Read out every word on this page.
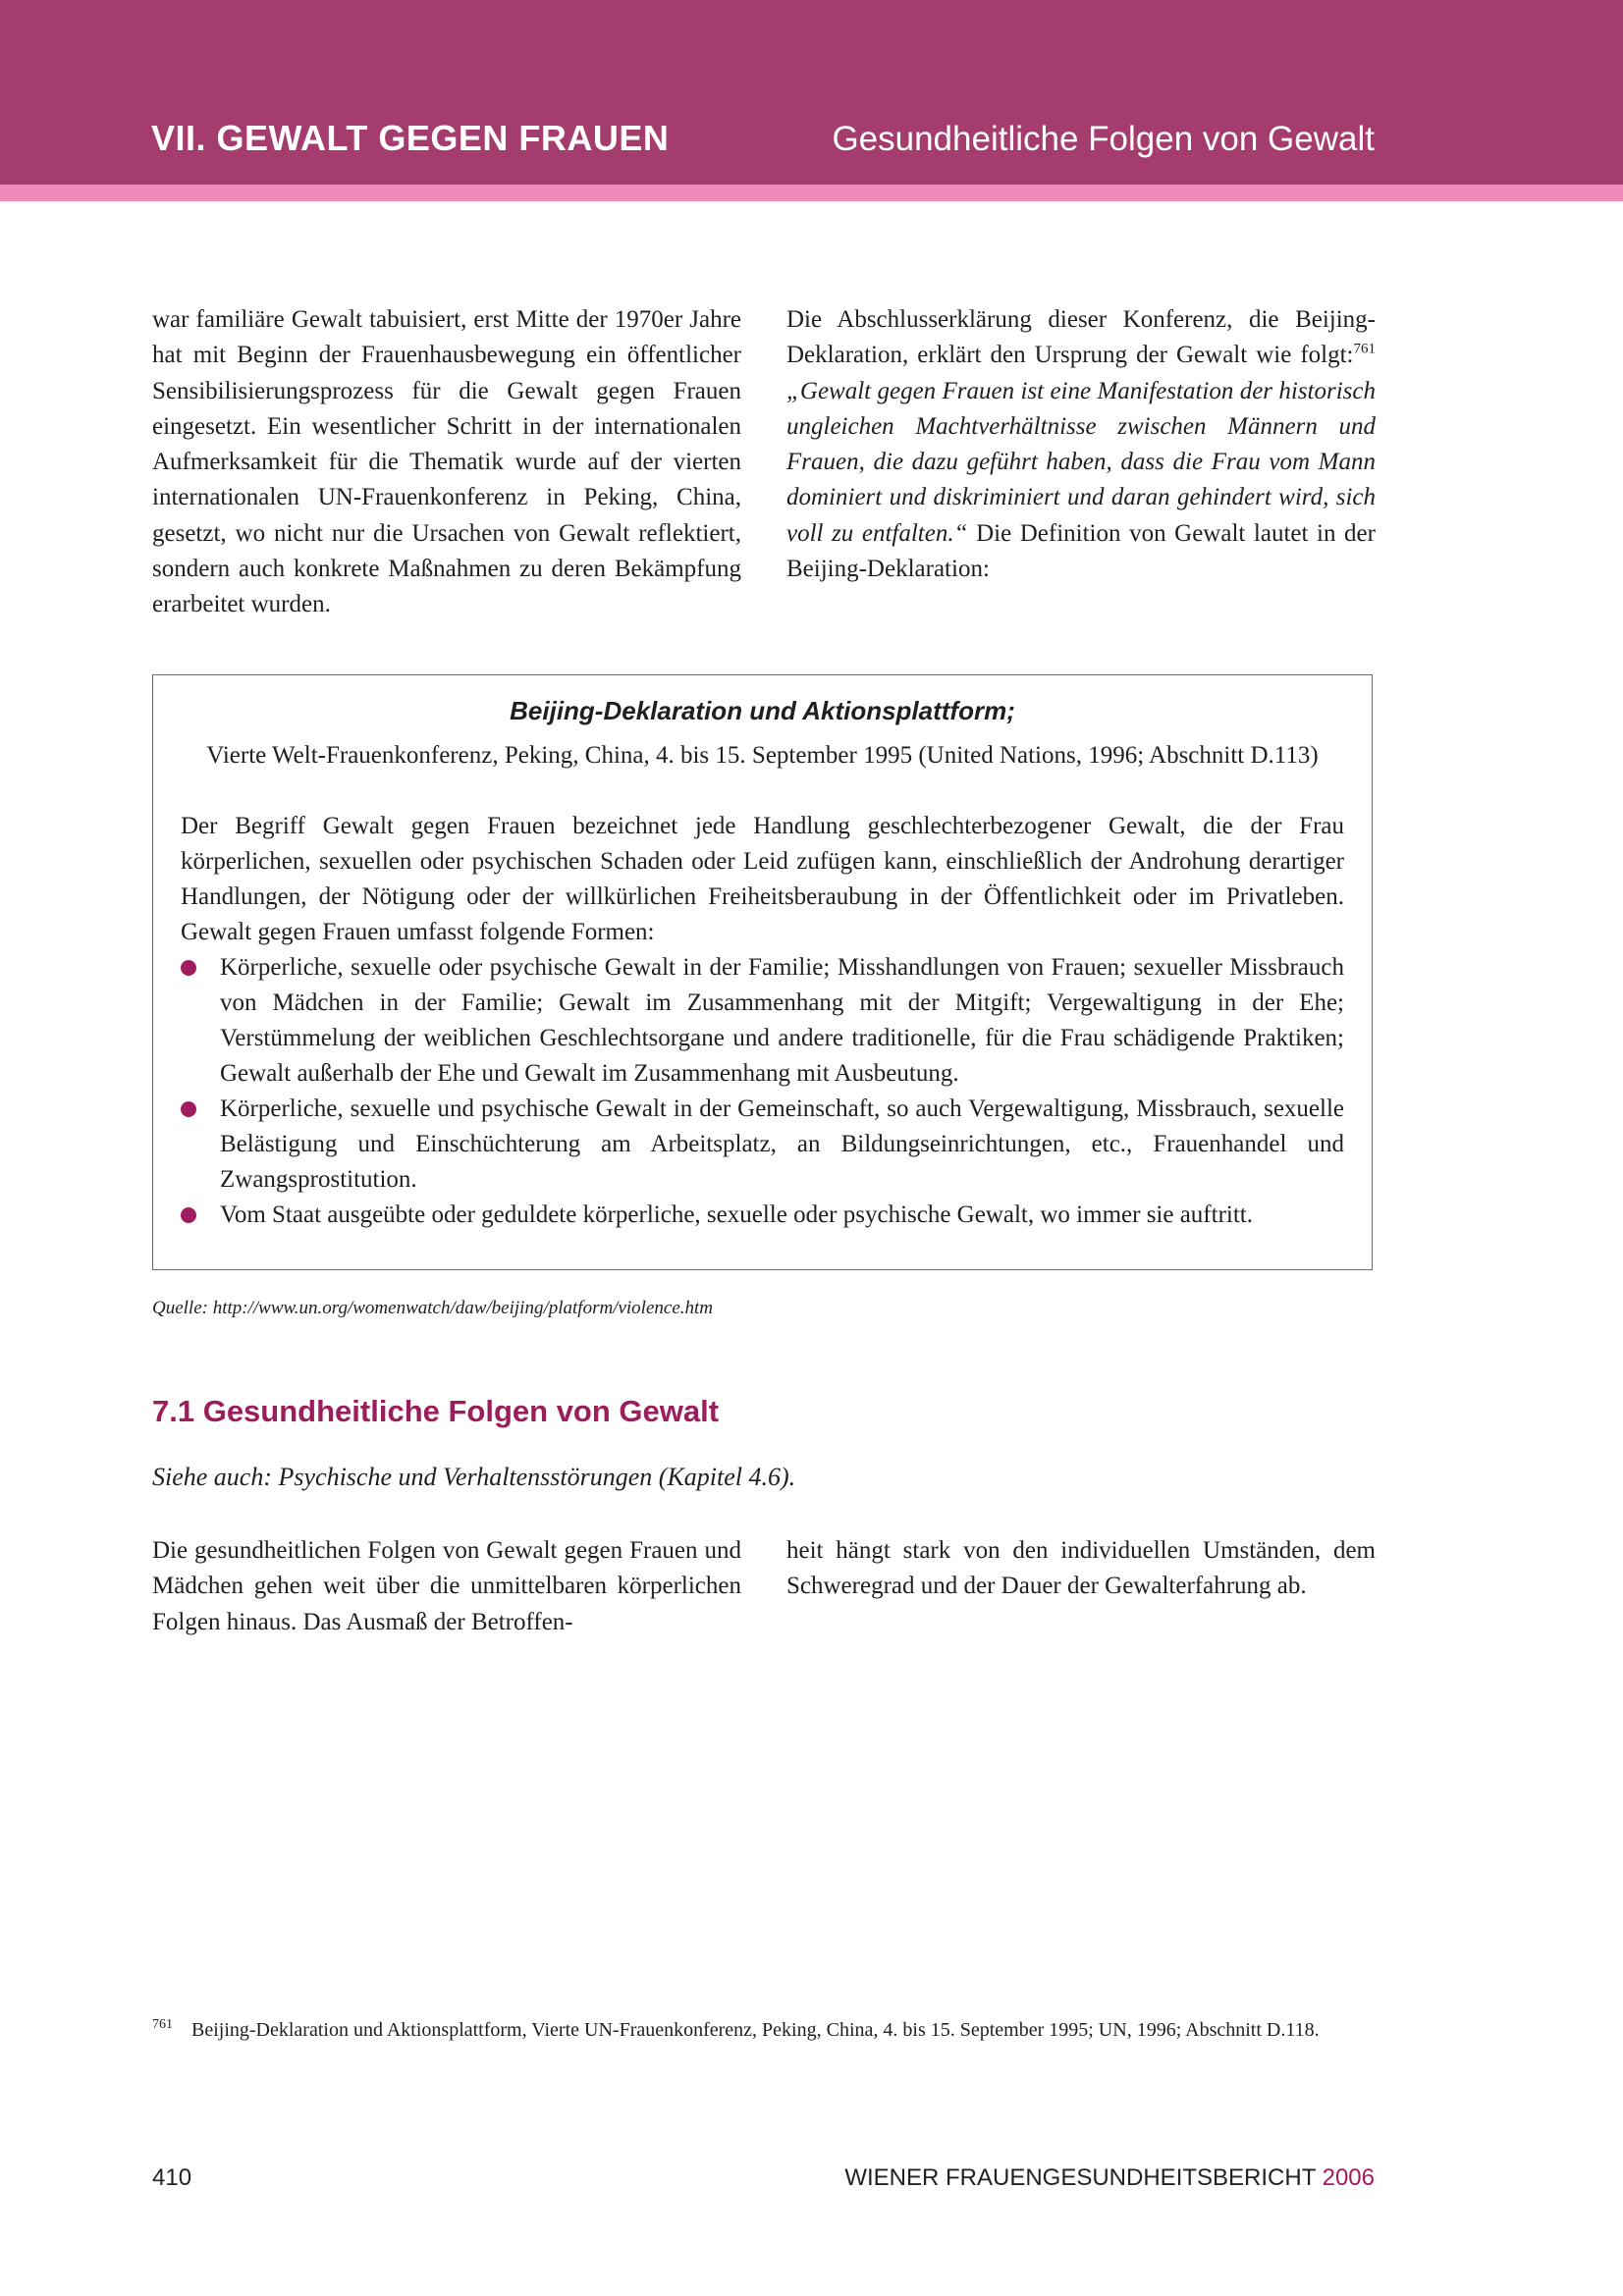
VII. GEWALT GEGEN FRAUEN	Gesundheitliche Folgen von Gewalt

war familiäre Gewalt tabuisiert, erst Mitte der 1970er Jahre hat mit Beginn der Frauenhausbewegung ein öffentlicher Sensibilisierungsprozess für die Gewalt gegen Frauen eingesetzt. Ein wesentlicher Schritt in der internationalen Aufmerksamkeit für die Thematik wurde auf der vierten internationalen UN-Frauenkonferenz in Peking, China, gesetzt, wo nicht nur die Ursachen von Gewalt reflektiert, sondern auch konkrete Maßnahmen zu deren Bekämpfung erarbeitet wurden.

Die Abschlusserklärung dieser Konferenz, die Beijing-Deklaration, erklärt den Ursprung der Gewalt wie folgt:$^{761}$ „Gewalt gegen Frauen ist eine Manifestation der historisch ungleichen Machtverhältnisse zwischen Männern und Frauen, die dazu geführt haben, dass die Frau vom Mann dominiert und diskriminiert und daran gehindert wird, sich voll zu entfalten.“ Die Definition von Gewalt lautet in der Beijing-Deklaration:

Beijing-Deklaration und Aktionsplattform;
Vierte Welt-Frauenkonferenz, Peking, China, 4. bis 15. September 1995 (United Nations, 1996; Abschnitt D.113)
Der Begriff Gewalt gegen Frauen bezeichnet jede Handlung geschlechterbezogener Gewalt, die der Frau körperlichen, sexuellen oder psychischen Schaden oder Leid zufügen kann, einschließlich der Androhung derartiger Handlungen, der Nötigung oder der willkürlichen Freiheitsberaubung in der Öffentlichkeit oder im Privatleben. Gewalt gegen Frauen umfasst folgende Formen:
Körperliche, sexuelle oder psychische Gewalt in der Familie; Misshandlungen von Frauen; sexueller Missbrauch von Mädchen in der Familie; Gewalt im Zusammenhang mit der Mitgift; Vergewaltigung in der Ehe; Verstümmelung der weiblichen Geschlechtsorgane und andere traditionelle, für die Frau schädigende Praktiken; Gewalt außerhalb der Ehe und Gewalt im Zusammenhang mit Ausbeutung.
Körperliche, sexuelle und psychische Gewalt in der Gemeinschaft, so auch Vergewaltigung, Missbrauch, sexuelle Belästigung und Einschüchterung am Arbeitsplatz, an Bildungseinrichtungen, etc., Frauenhandel und Zwangsprostitution.
Vom Staat ausgeübte oder geduldete körperliche, sexuelle oder psychische Gewalt, wo immer sie auftritt.
Quelle: http://www.un.org/womenwatch/daw/beijing/platform/violence.htm
7.1 Gesundheitliche Folgen von Gewalt
Siehe auch: Psychische und Verhaltensstörungen (Kapitel 4.6).

Die gesundheitlichen Folgen von Gewalt gegen Frauen und Mädchen gehen weit über die unmittelbaren körperlichen Folgen hinaus. Das Ausmaß der Betroffen-

heit hängt stark von den individuellen Umständen, dem Schweregrad und der Dauer der Gewalterfahrung ab.

761 Beijing-Deklaration und Aktionsplattform, Vierte UN-Frauenkonferenz, Peking, China, 4. bis 15. September 1995; UN, 1996; Abschnitt D.118.
410	WIENER FRAUENGESUNDHEITSBERICHT 2006
